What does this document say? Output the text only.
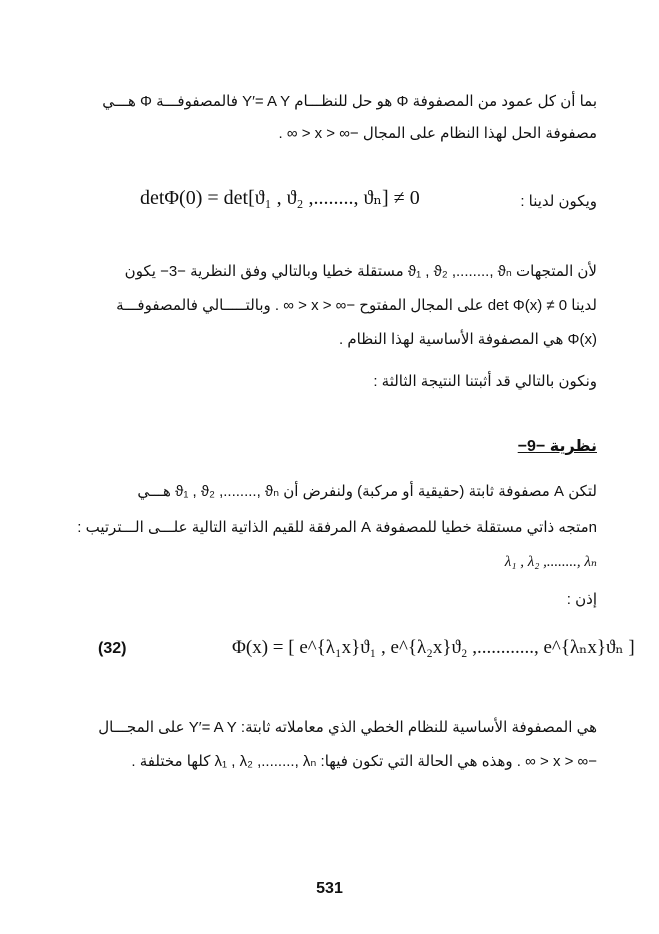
بما أن كل عمود من المصفوفة Φ هو حل للنظـــام Y′= A Y فالمصفوفـــة Φ هـــي
مصفوفة الحل لهذا النظام على المجال −∞ < x < ∞ .
ويكون لدينا :
detΦ(0) = det[ϑ₁ , ϑ₂ ,........, ϑₙ] ≠ 0
لأن المتجهات ϑ₁ , ϑ₂ ,........, ϑₙ مستقلة خطيا وبالتالي وفق النظرية −3− يكون
لدينا det Φ(x) ≠ 0 على المجال المفتوح −∞ < x < ∞ . وبالتـــــالي فالمصفوفـــة
Φ(x) هي المصفوفة الأساسية لهذا النظام .
ونكون بالتالي قد أثبتنا النتيجة الثالثة :
نظرية −9−
لتكن A مصفوفة ثابتة (حقيقية أو مركبة) ولنفرض أن ϑ₁ , ϑ₂ ,........, ϑₙ هـــي
nمتجه ذاتي مستقلة خطيا للمصفوفة A المرفقة للقيم الذاتية التالية علـــى الـــترتيب :
λ₁ , λ₂ ,........, λₙ
إذن :
(32)	Φ(x) = [ e^{λ₁x}ϑ₁ , e^{λ₂x}ϑ₂ ,............, e^{λₙx}ϑₙ ]
هي المصفوفة الأساسية للنظام الخطي الذي معاملاته ثابتة: Y′= A Y على المجـــال
−∞ < x < ∞ . وهذه هي الحالة التي تكون فيها: λ₁ , λ₂ ,........, λₙ كلها مختلفة .
531
